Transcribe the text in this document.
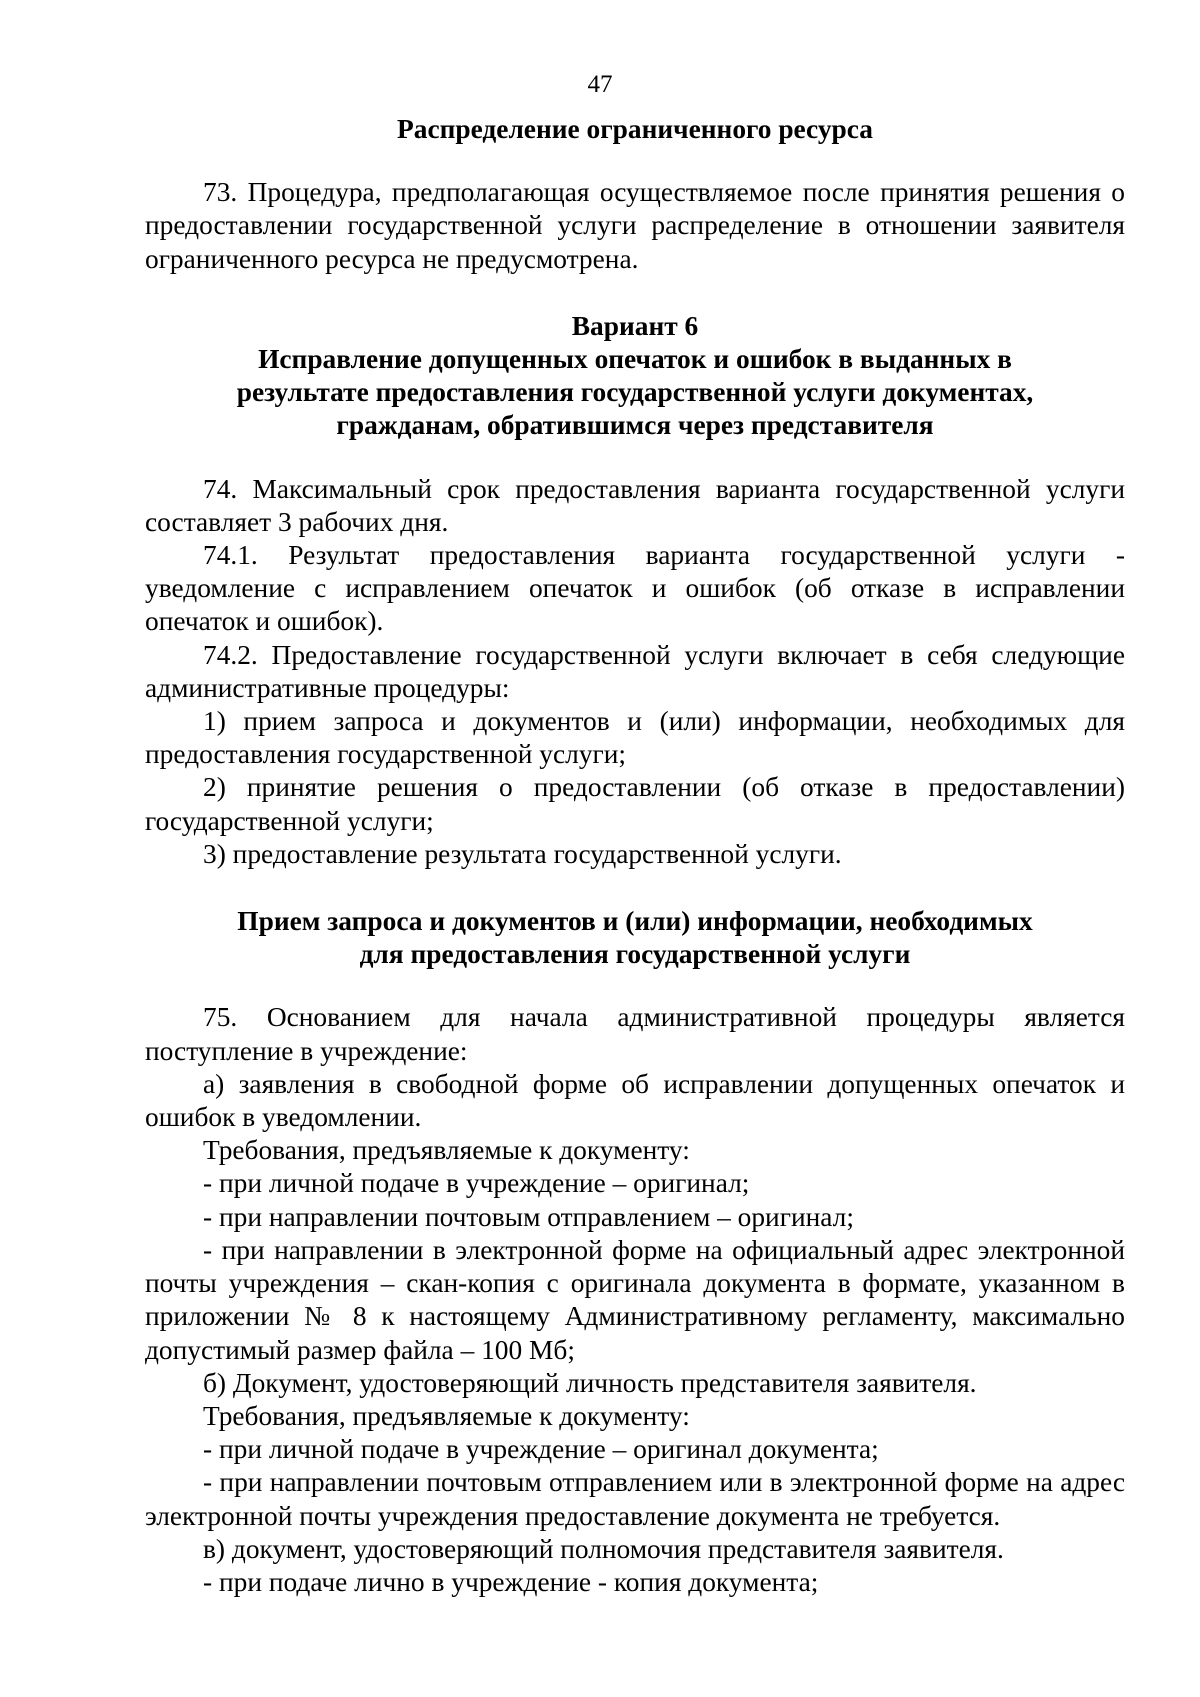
47
Распределение ограниченного ресурса

73. Процедура, предполагающая осуществляемое после принятия решения о предоставлении государственной услуги распределение в отношении заявителя ограниченного ресурса не предусмотрена.

Вариант 6
Исправление допущенных опечаток и ошибок в выданных в
результате предоставления государственной услуги документах,
гражданам, обратившимся через представителя

74. Максимальный срок предоставления варианта государственной услуги составляет 3 рабочих дня.

74.1. Результат предоставления варианта государственной услуги - уведомление с исправлением опечаток и ошибок (об отказе в исправлении опечаток и ошибок).

74.2. Предоставление государственной услуги включает в себя следующие административные процедуры:

1) прием запроса и документов и (или) информации, необходимых для предоставления государственной услуги;

2) принятие решения о предоставлении (об отказе в предоставлении) государственной услуги;

3) предоставление результата государственной услуги.

Прием запроса и документов и (или) информации, необходимых
для предоставления государственной услуги

75. Основанием для начала административной процедуры является поступление в учреждение:

а) заявления в свободной форме об исправлении допущенных опечаток и ошибок в уведомлении.

Требования, предъявляемые к документу:

- при личной подаче в учреждение – оригинал;

- при направлении почтовым отправлением – оригинал;

- при направлении в электронной форме на официальный адрес электронной почты учреждения – скан-копия с оригинала документа в формате, указанном в приложении № 8 к настоящему Административному регламенту, максимально допустимый размер файла – 100 Мб;

б) Документ, удостоверяющий личность представителя заявителя.

Требования, предъявляемые к документу:

- при личной подаче в учреждение – оригинал документа;

- при направлении почтовым отправлением или в электронной форме на адрес электронной почты учреждения предоставление документа не требуется.

в) документ, удостоверяющий полномочия представителя заявителя.

- при подаче лично в учреждение - копия документа;
